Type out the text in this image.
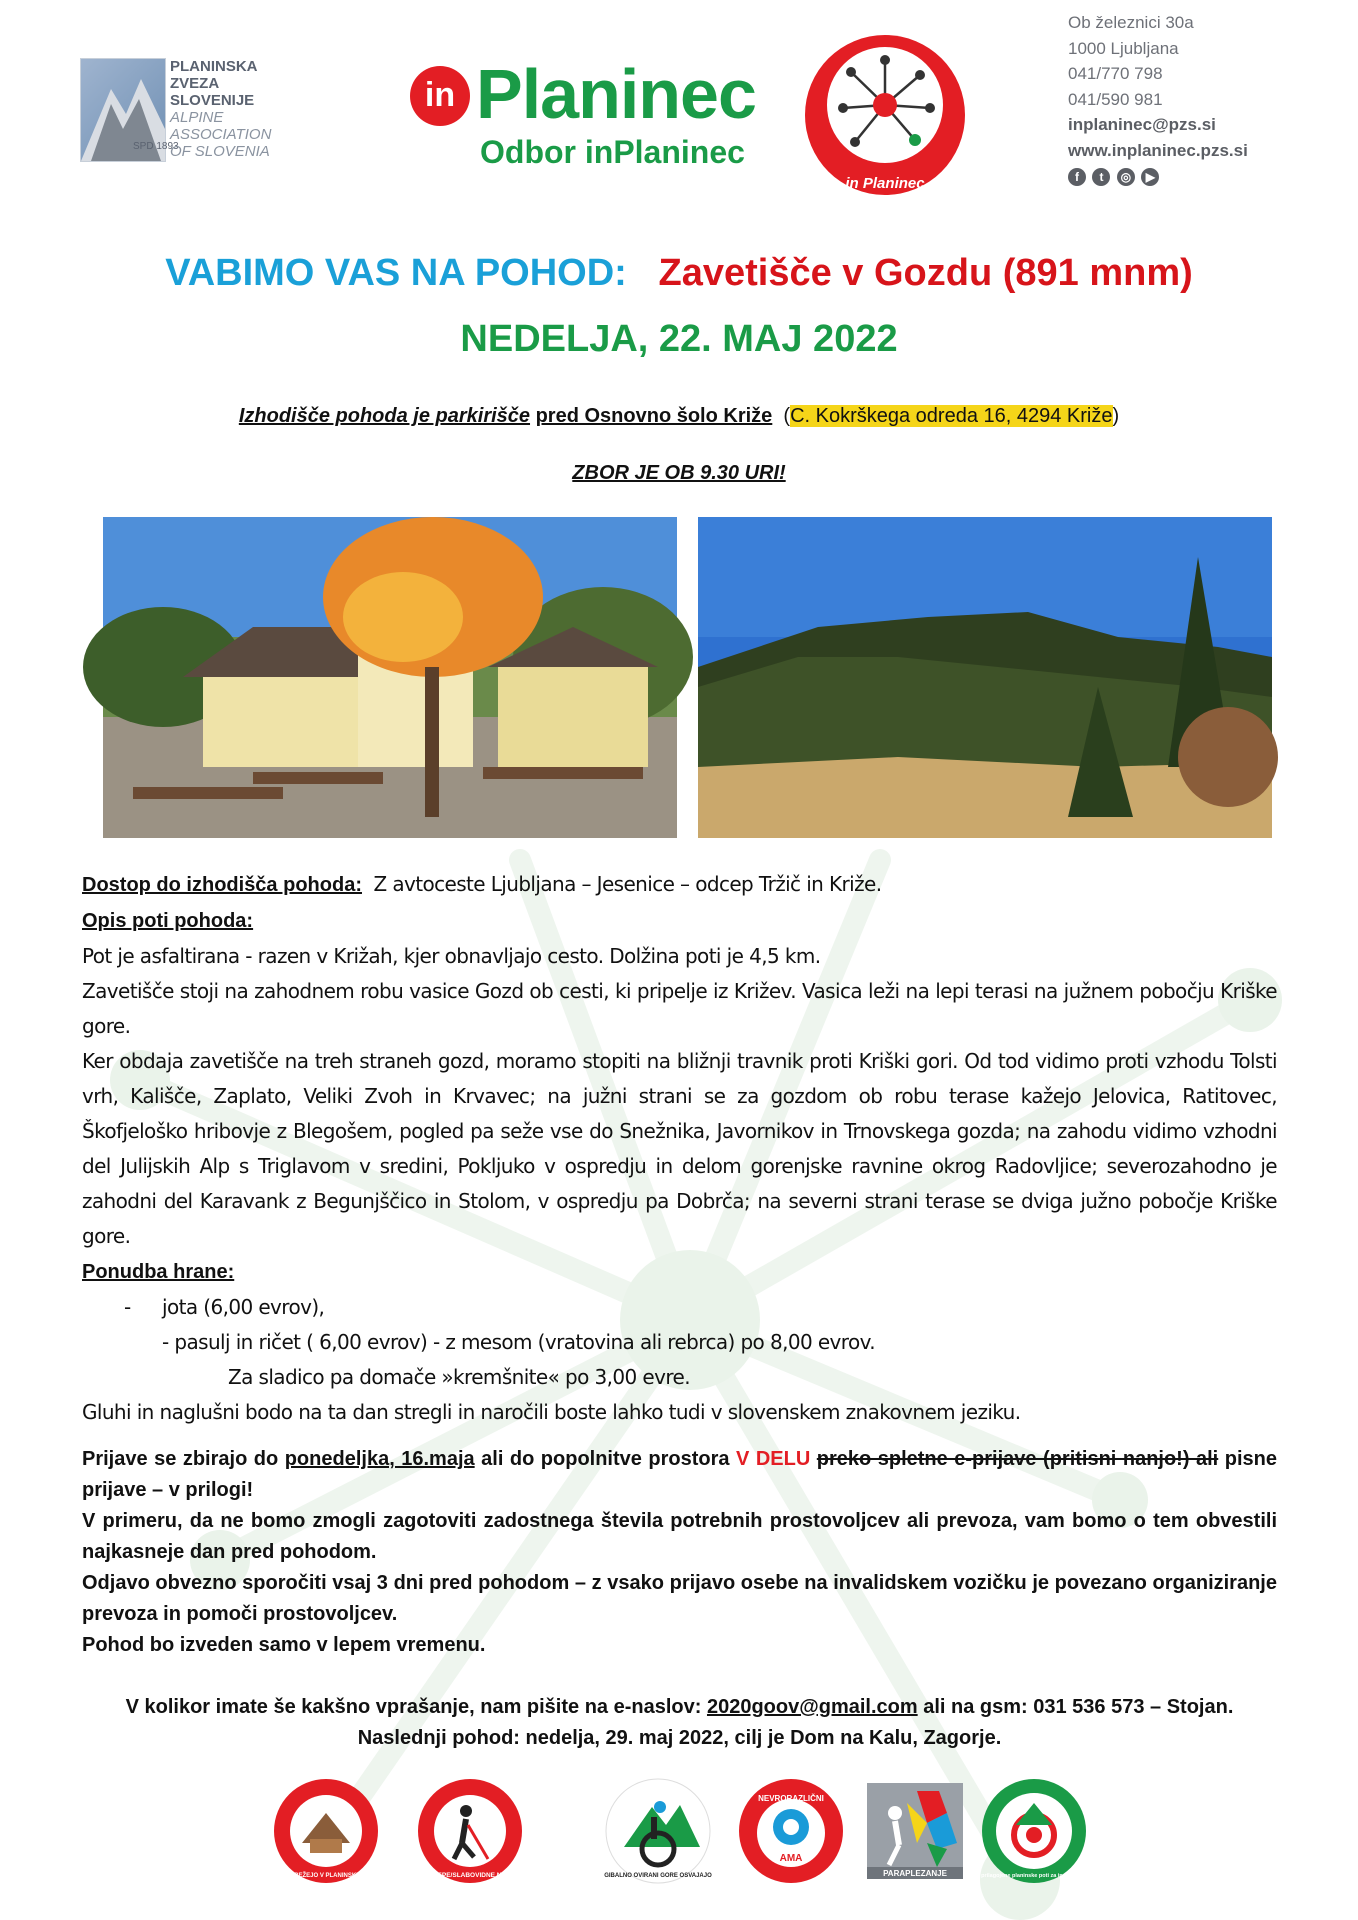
SPD 1893
PLANINSKA
ZVEZA
SLOVENIJE
ALPINE
ASSOCIATION
OF SLOVENIA
in Planinec
Odbor inPlaninec
in Planinec
Ob železnici 30a
1000 Ljubljana
041/770 798
041/590 981
inplaninec@pzs.si
www.inplaninec.pzs.si
f t ◎ ▶
VABIMO VAS NA POHOD: Zavetišče v Gozdu (891 mnm)
NEDELJA, 22. MAJ 2022
Izhodišče pohoda je parkirišče pred Osnovno šolo Križe  (C. Kokrškega odreda 16, 4294 Križe)
ZBOR JE OB 9.30 URI!

Dostop do izhodišča pohoda: Z avtoceste Ljubljana – Jesenice – odcep Tržič in Križe.

Opis poti pohoda:

Pot je asfaltirana - razen v Križah, kjer obnavljajo cesto. Dolžina poti je 4,5 km.

Zavetišče stoji na zahodnem robu vasice Gozd ob cesti, ki pripelje iz Križev. Vasica leži na lepi terasi na južnem pobočju Kriške gore.

Ker obdaja zavetišče na treh straneh gozd, moramo stopiti na bližnji travnik proti Kriški gori. Od tod vidimo proti vzhodu Tolsti vrh, Kališče, Zaplato, Veliki Zvoh in Krvavec; na južni strani se za gozdom ob robu terase kažejo Jelovica, Ratitovec, Škofjeloško hribovje z Blegošem, pogled pa seže vse do Snežnika, Javornikov in Trnovskega gozda; na zahodu vidimo vzhodni del Julijskih Alp s Triglavom v sredini, Pokljuko v ospredju in delom gorenjske ravnine okrog Radovljice; severozahodno je zahodni del Karavank z Begunjščico in Stolom, v ospredju pa Dobrča; na severni strani terase se dviga južno pobočje Kriške gore.

Ponudba hrane:

- jota (6,00 evrov),

- pasulj in ričet ( 6,00 evrov) - z mesom (vratovina ali rebrca) po 8,00 evrov.

Za sladico pa domače »kremšnite« po 3,00 evre.

Gluhi in naglušni bodo na ta dan stregli in naročili boste lahko tudi v slovenskem znakovnem jeziku.

Prijave se zbirajo do ponedeljka, 16.maja ali do popolnitve prostora V DELU preko spletne e-prijave (pritisni nanjo!) ali pisne prijave – v prilogi!

V primeru, da ne bomo zmogli zagotoviti zadostnega števila potrebnih prostovoljcev ali prevoza, vam bomo o tem obvestili najkasneje dan pred pohodom.

Odjavo obvezno sporočiti vsaj 3 dni pred pohodom – z vsako prijavo osebe na invalidskem vozičku je povezano organiziranje prevoza in pomoči prostovoljcev.

Pohod bo izveden samo v lepem vremenu.

V kolikor imate še kakšno vprašanje, nam pišite na e-naslov: 2020goov@gmail.com ali na gsm: 031 536 573 – Stojan.
Naslednji pohod: nedelja, 29. maj 2022, cilj je Dom na Kalu, Zagorje.
GLUHI STREŽEJO V PLANINSKIH KOČAH	ZA SLEPE/SLABOVIDNE NI OVIR	GIBALNO OVIRANI GORE OSVAJAJO
NEVRORAZLIČNI
AMA
PARAPLEZANJE	prilagojene planinske poti za in Planince
